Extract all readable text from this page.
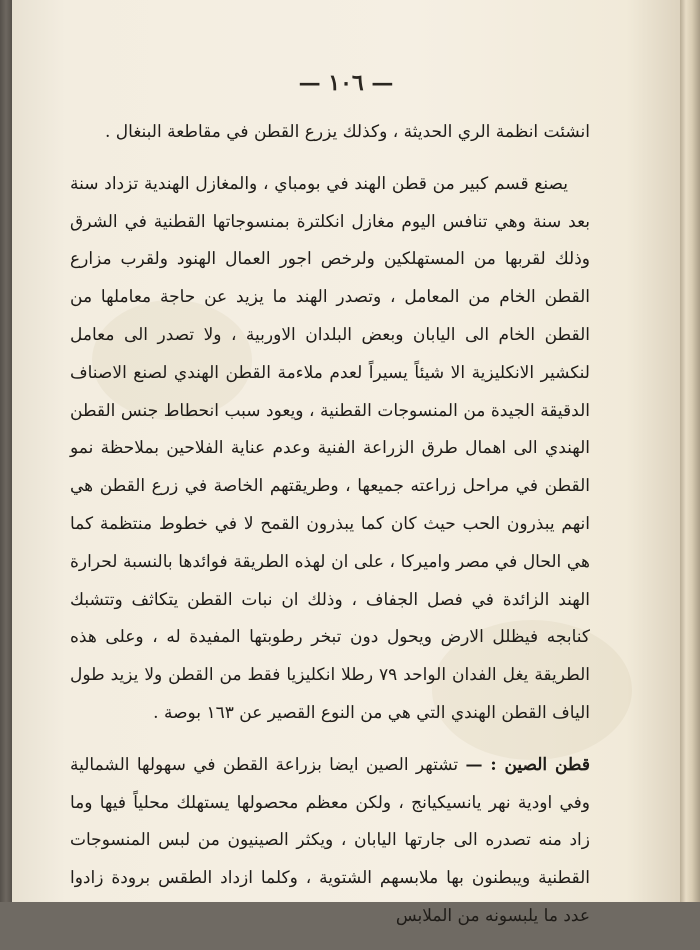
— ١٠٦ —

انشئت انظمة الري الحديثة ، وكذلك يزرع القطن في مقاطعة البنغال .

يصنع قسم كبير من قطن الهند في بومباي ، والمغازل الهندية تزداد سنة بعد سنة وهي تنافس اليوم مغازل انكلترة بمنسوجاتها القطنية في الشرق وذلك لقربها من المستهلكين ولرخص اجور العمال الهنود ولقرب مزارع القطن الخام من المعامل ، وتصدر الهند ما يزيد عن حاجة معاملها من القطن الخام الى اليابان وبعض البلدان الاوربية ، ولا تصدر الى معامل لنكشير الانكليزية الا شيئاً يسيراً لعدم ملاءمة القطن الهندي لصنع الاصناف الدقيقة الجيدة من المنسوجات القطنية ، ويعود سبب انحطاط جنس القطن الهندي الى اهمال طرق الزراعة الفنية وعدم عناية الفلاحين بملاحظة نمو القطن في مراحل زراعته جميعها ، وطريقتهم الخاصة في زرع القطن هي انهم يبذرون الحب حيث كان كما يبذرون القمح لا في خطوط منتظمة كما هي الحال في مصر واميركا ، على ان لهذه الطريقة فوائدها بالنسبة لحرارة الهند الزائدة في فصل الجفاف ، وذلك ان نبات القطن يتكاثف وتتشبك كنابجه فيظلل الارض ويحول دون تبخر رطوبتها المفيدة له ، وعلى هذه الطريقة يغل الفدان الواحد ٧٩ رطلا انكليزيا فقط من القطن ولا يزيد طول الياف القطن الهندي التي هي من النوع القصير عن ١٦٣ بوصة .

قطن الصين : — تشتهر الصين ايضا بزراعة القطن في سهولها الشمالية وفي اودية نهر يانسيكيانج ، ولكن معظم محصولها يستهلك محلياً فيها وما زاد منه تصدره الى جارتها اليابان ، ويكثر الصينيون من لبس المنسوجات القطنية ويبطنون بها ملابسهم الشتوية ، وكلما ازداد الطقس برودة زادوا عدد ما يلبسونه من الملابس
